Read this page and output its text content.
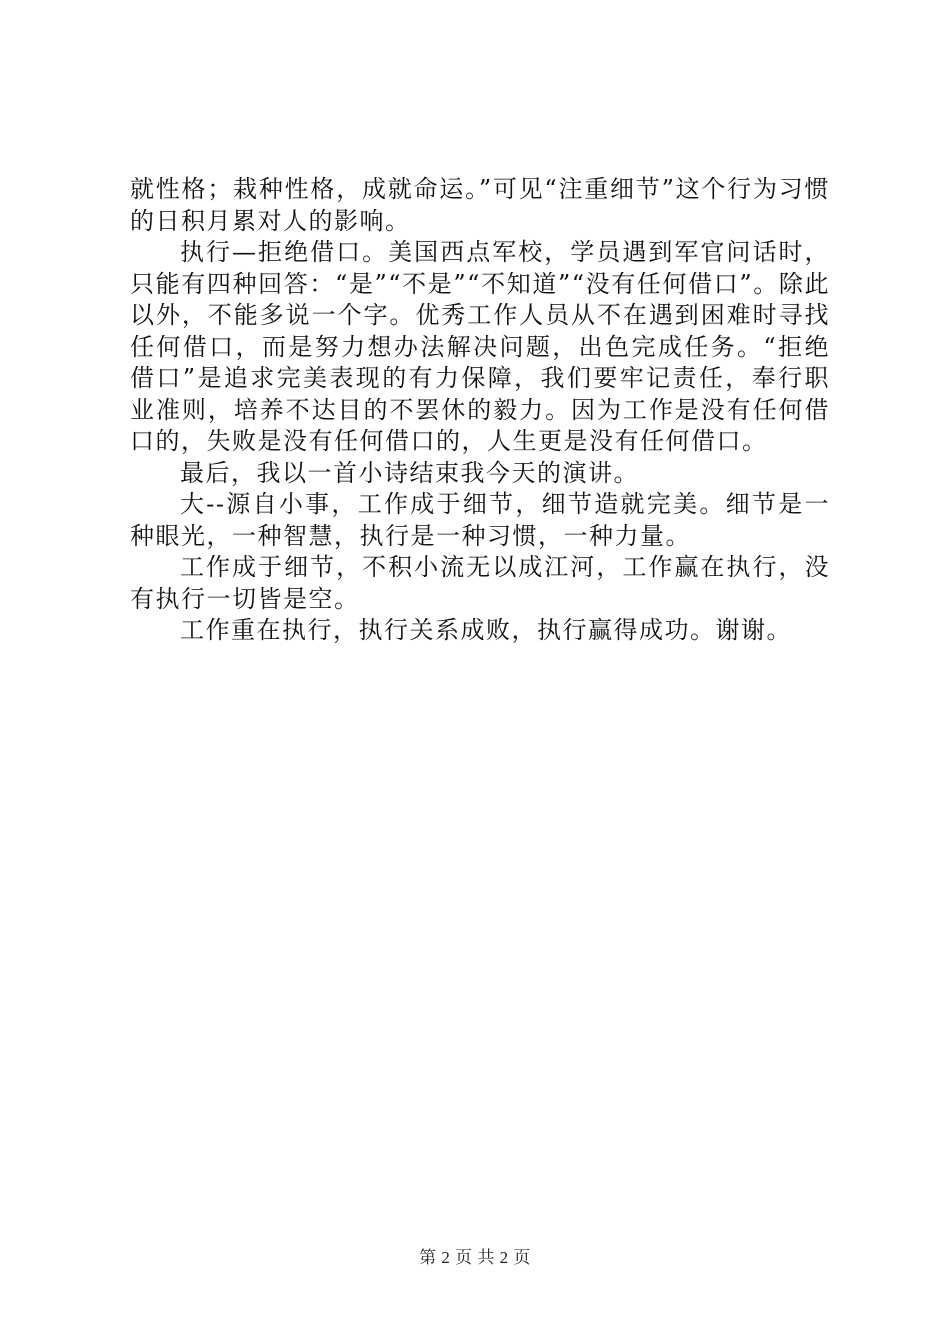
就性格；栽种性格，成就命运。”可见“注重细节”这个行为习惯的日积月累对人的影响。

执行—拒绝借口。美国西点军校，学员遇到军官问话时，只能有四种回答：“是”“不是”“不知道”“没有任何借口”。除此以外，不能多说一个字。优秀工作人员从不在遇到困难时寻找任何借口，而是努力想办法解决问题，出色完成任务。“拒绝借口”是追求完美表现的有力保障，我们要牢记责任，奉行职业准则，培养不达目的不罢休的毅力。因为工作是没有任何借口的，失败是没有任何借口的，人生更是没有任何借口。

最后，我以一首小诗结束我今天的演讲。

大--源自小事，工作成于细节，细节造就完美。细节是一种眼光，一种智慧，执行是一种习惯，一种力量。

工作成于细节，不积小流无以成江河，工作赢在执行，没有执行一切皆是空。

工作重在执行，执行关系成败，执行赢得成功。谢谢。

第 2 页 共 2 页
